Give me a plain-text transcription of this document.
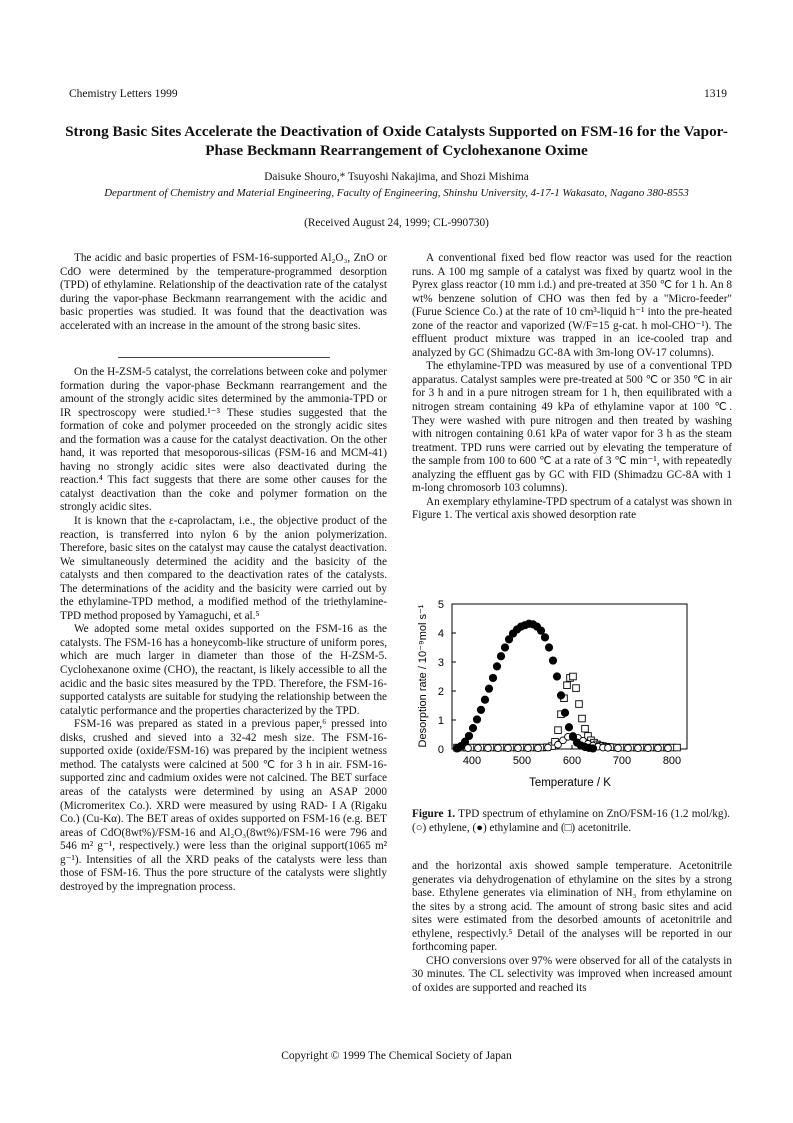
Chemistry Letters 1999	1319
Strong Basic Sites Accelerate the Deactivation of Oxide Catalysts Supported on FSM-16 for the Vapor-Phase Beckmann Rearrangement of Cyclohexanone Oxime
Daisuke Shouro,* Tsuyoshi Nakajima, and Shozi Mishima
Department of Chemistry and Material Engineering, Faculty of Engineering, Shinshu University, 4-17-1 Wakasato, Nagano 380-8553
(Received August 24, 1999; CL-990730)

The acidic and basic properties of FSM-16-supported Al₂O₃, ZnO or CdO were determined by the temperature-programmed desorption (TPD) of ethylamine. Relationship of the deactivation rate of the catalyst during the vapor-phase Beckmann rearrangement with the acidic and basic properties was studied. It was found that the deactivation was accelerated with an increase in the amount of the strong basic sites.

On the H-ZSM-5 catalyst, the correlations between coke and polymer formation during the vapor-phase Beckmann rearrangement and the amount of the strongly acidic sites determined by the ammonia-TPD or IR spectroscopy were studied.¹⁻³ These studies suggested that the formation of coke and polymer proceeded on the strongly acidic sites and the formation was a cause for the catalyst deactivation. On the other hand, it was reported that mesoporous-silicas (FSM-16 and MCM-41) having no strongly acidic sites were also deactivated during the reaction.⁴ This fact suggests that there are some other causes for the catalyst deactivation than the coke and polymer formation on the strongly acidic sites.

It is known that the ε-caprolactam, i.e., the objective product of the reaction, is transferred into nylon 6 by the anion polymerization. Therefore, basic sites on the catalyst may cause the catalyst deactivation. We simultaneously determined the acidity and the basicity of the catalysts and then compared to the deactivation rates of the catalysts. The determinations of the acidity and the basicity were carried out by the ethylamine-TPD method, a modified method of the triethylamine-TPD method proposed by Yamaguchi, et al.⁵

We adopted some metal oxides supported on the FSM-16 as the catalysts. The FSM-16 has a honeycomb-like structure of uniform pores, which are much larger in diameter than those of the H-ZSM-5. Cyclohexanone oxime (CHO), the reactant, is likely accessible to all the acidic and the basic sites measured by the TPD. Therefore, the FSM-16-supported catalysts are suitable for studying the relationship between the catalytic performance and the properties characterized by the TPD.

FSM-16 was prepared as stated in a previous paper,⁶ pressed into disks, crushed and sieved into a 32-42 mesh size. The FSM-16-supported oxide (oxide/FSM-16) was prepared by the incipient wetness method. The catalysts were calcined at 500 ℃ for 3 h in air. FSM-16-supported zinc and cadmium oxides were not calcined. The BET surface areas of the catalysts were determined by using an ASAP 2000 (Micromeritex Co.). XRD were measured by using RAD- I A (Rigaku Co.) (Cu-Kα). The BET areas of oxides supported on FSM-16 (e.g. BET areas of CdO(8wt%)/FSM-16 and Al₂O₃(8wt%)/FSM-16 were 796 and 546 m² g⁻¹, respectively.) were less than the original support(1065 m² g⁻¹). Intensities of all the XRD peaks of the catalysts were less than those of FSM-16. Thus the pore structure of the catalysts were slightly destroyed by the impregnation process.

A conventional fixed bed flow reactor was used for the reaction runs. A 100 mg sample of a catalyst was fixed by quartz wool in the Pyrex glass reactor (10 mm i.d.) and pre-treated at 350 ℃ for 1 h. An 8 wt% benzene solution of CHO was then fed by a "Micro-feeder" (Furue Science Co.) at the rate of 10 cm³-liquid h⁻¹ into the pre-heated zone of the reactor and vaporized (W/F=15 g-cat. h mol-CHO⁻¹). The effluent product mixture was trapped in an ice-cooled trap and analyzed by GC (Shimadzu GC-8A with 3m-long OV-17 columns).

The ethylamine-TPD was measured by use of a conventional TPD apparatus. Catalyst samples were pre-treated at 500 ℃ or 350 ℃ in air for 3 h and in a pure nitrogen stream for 1 h, then equilibrated with a nitrogen stream containing 49 kPa of ethylamine vapor at 100 ℃. They were washed with pure nitrogen and then treated by washing with nitrogen containing 0.61 kPa of water vapor for 3 h as the steam treatment. TPD runs were carried out by elevating the temperature of the sample from 100 to 600 ℃ at a rate of 3 ℃ min⁻¹, with repeatedly analyzing the effluent gas by GC with FID (Shimadzu GC-8A with 1 m-long chromosorb 103 columns).

An exemplary ethylamine-TPD spectrum of a catalyst was shown in Figure 1. The vertical axis showed desorption rate

0
1
2
3
4
5
400	500	600	700	800
Desorption rate / 10⁻⁹mol s⁻¹
Temperature / K
Figure 1. TPD spectrum of ethylamine on ZnO/FSM-16 (1.2 mol/kg). (○) ethylene, (●) ethylamine and (□) acetonitrile.

and the horizontal axis showed sample temperature. Acetonitrile generates via dehydrogenation of ethylamine on the sites by a strong base. Ethylene generates via elimination of NH₃ from ethylamine on the sites by a strong acid. The amount of strong basic sites and acid sites were estimated from the desorbed amounts of acetonitrile and ethylene, respectivly.⁵ Detail of the analyses will be reported in our forthcoming paper.

CHO conversions over 97% were observed for all of the catalysts in 30 minutes. The CL selectivity was improved when increased amount of oxides are supported and reached its

Copyright © 1999 The Chemical Society of Japan
